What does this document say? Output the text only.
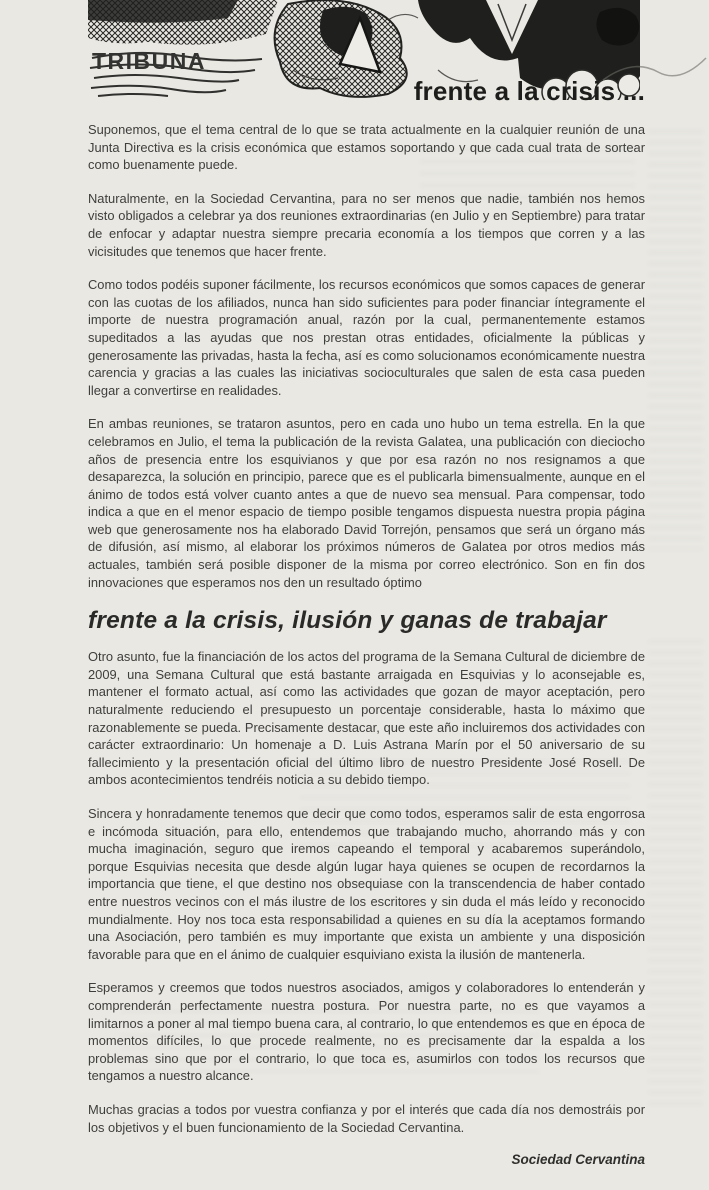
TRIBUNA
frente a la crisis ...

Suponemos, que el tema central de lo que se trata actualmente en la cualquier reunión de una Junta Directiva es la crisis económica que estamos soportando y que cada cual trata de sortear como buenamente puede.

Naturalmente, en la Sociedad Cervantina, para no ser menos que nadie, también nos hemos visto obligados a celebrar ya dos reuniones extraordinarias (en Julio y en Septiembre) para tratar de enfocar y adaptar nuestra siempre precaria economía a los tiempos que corren y a las vicisitudes que tenemos que hacer frente.

Como todos podéis suponer fácilmente, los recursos económicos que somos capaces de generar con las cuotas de los afiliados, nunca han sido suficientes para poder financiar íntegramente el importe de nuestra programación anual, razón por la cual, permanentemente estamos supeditados a las ayudas que nos prestan otras entidades, oficialmente la públicas y generosamente las privadas, hasta la fecha, así es como solucionamos económicamente nuestra carencia y gracias a las cuales las iniciativas socioculturales que salen de esta casa pueden llegar a convertirse en realidades.

En ambas reuniones, se trataron asuntos, pero en cada uno hubo un tema estrella. En la que celebramos en Julio, el tema la publicación de la revista Galatea, una publicación con dieciocho años de presencia entre los esquivianos y que por esa razón no nos resignamos a que desaparezca, la solución en principio, parece que es el publicarla bimensualmente, aunque en el ánimo de todos está volver cuanto antes a que de nuevo sea mensual. Para compensar, todo indica a que en el menor espacio de tiempo posible tengamos dispuesta nuestra propia página web que generosamente nos ha elaborado David Torrejón, pensamos que será un órgano más de difusión, así mismo, al elaborar los próximos números de Galatea por otros medios más actuales, también será posible disponer de la misma por correo electrónico. Son en fin dos innovaciones que esperamos nos den un resultado óptimo

frente a la crisis, ilusión y ganas de trabajar

Otro asunto, fue la financiación de los actos del programa de la Semana Cultural de diciembre de 2009, una Semana Cultural que está bastante arraigada en Esquivias y lo aconsejable es, mantener el formato actual, así como las actividades que gozan de mayor aceptación, pero naturalmente reduciendo el presupuesto un porcentaje considerable, hasta lo máximo que razonablemente se pueda. Precisamente destacar, que este año incluiremos dos actividades con carácter extraordinario: Un homenaje a D. Luis Astrana Marín por el 50 aniversario de su fallecimiento y la presentación oficial del último libro de nuestro Presidente José Rosell. De ambos acontecimientos tendréis noticia a su debido tiempo.

Sincera y honradamente tenemos que decir que como todos, esperamos salir de esta engorrosa e incómoda situación, para ello, entendemos que trabajando mucho, ahorrando más y con mucha imaginación, seguro que iremos capeando el temporal y acabaremos superándolo, porque Esquivias necesita que desde algún lugar haya quienes se ocupen de recordarnos la importancia que tiene, el que destino nos obsequiase con la transcendencia de haber contado entre nuestros vecinos con el más ilustre de los escritores y sin duda el más leído y reconocido mundialmente. Hoy nos toca esta responsabilidad a quienes en su día la aceptamos formando una Asociación, pero también es muy importante que exista un ambiente y una disposición favorable para que en el ánimo de cualquier esquiviano exista la ilusión de mantenerla.

Esperamos y creemos que todos nuestros asociados, amigos y colaboradores lo entenderán y comprenderán perfectamente nuestra postura. Por nuestra parte, no es que vayamos a limitarnos a poner al mal tiempo buena cara, al contrario, lo que entendemos es que en época de momentos difíciles, lo que procede realmente, no es precisamente dar la espalda a los problemas sino que por el contrario, lo que toca es, asumirlos con todos los recursos que tengamos a nuestro alcance.

Muchas gracias a todos por vuestra confianza y por el interés que cada día nos demostráis por los objetivos y el buen funcionamiento de la Sociedad Cervantina.

Sociedad Cervantina
